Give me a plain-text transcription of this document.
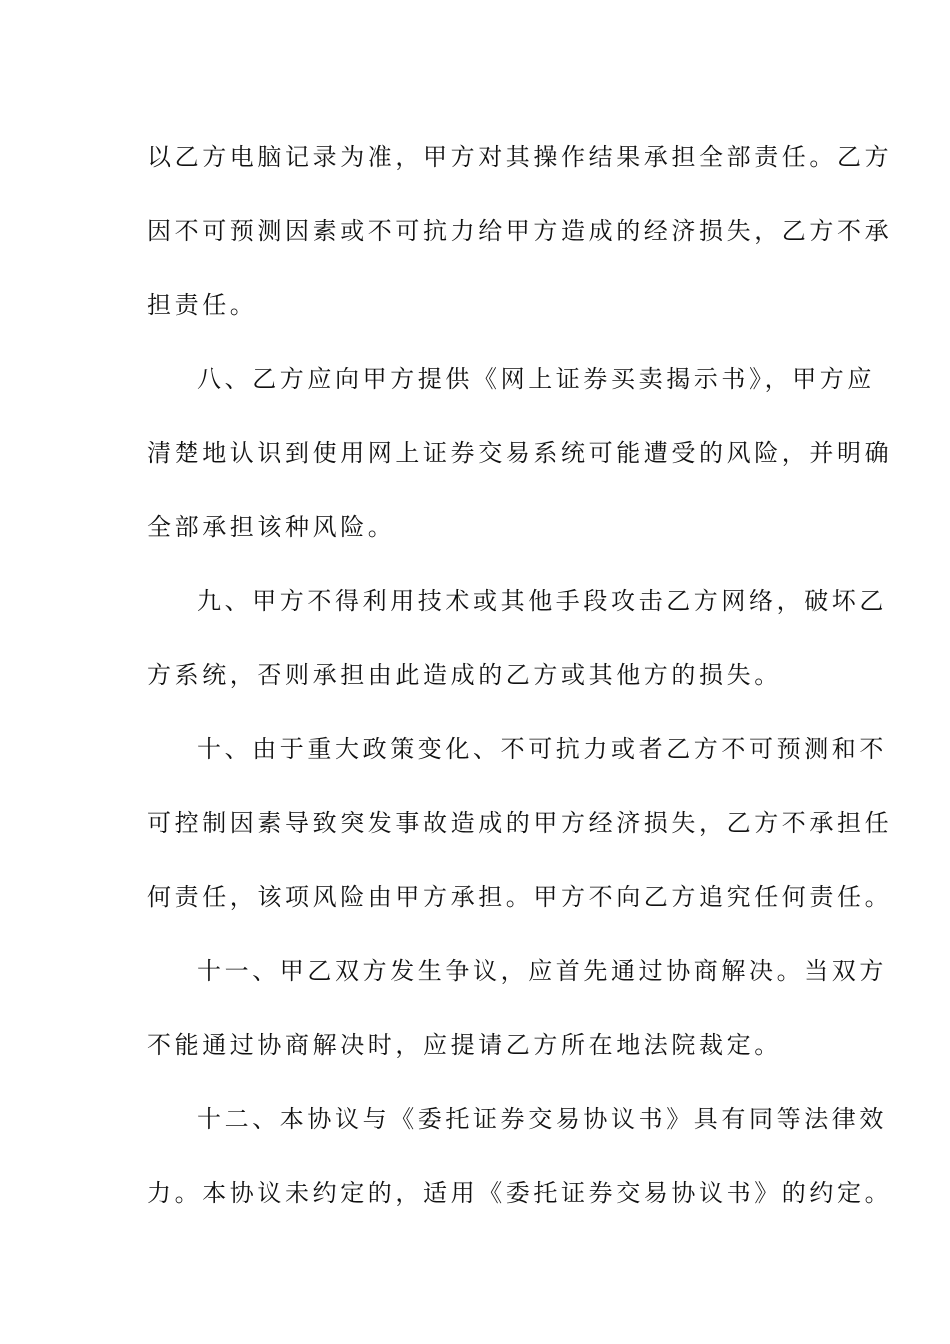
以乙方电脑记录为准，甲方对其操作结果承担全部责任。乙方
因不可预测因素或不可抗力给甲方造成的经济损失，乙方不承
担责任。
八、乙方应向甲方提供《网上证券买卖揭示书》，甲方应
清楚地认识到使用网上证券交易系统可能遭受的风险，并明确
全部承担该种风险。
九、甲方不得利用技术或其他手段攻击乙方网络，破坏乙
方系统，否则承担由此造成的乙方或其他方的损失。
十、由于重大政策变化、不可抗力或者乙方不可预测和不
可控制因素导致突发事故造成的甲方经济损失，乙方不承担任
何责任，该项风险由甲方承担。甲方不向乙方追究任何责任。
十一、甲乙双方发生争议，应首先通过协商解决。当双方
不能通过协商解决时，应提请乙方所在地法院裁定。
十二、本协议与《委托证券交易协议书》具有同等法律效
力。本协议未约定的，适用《委托证券交易协议书》的约定。
